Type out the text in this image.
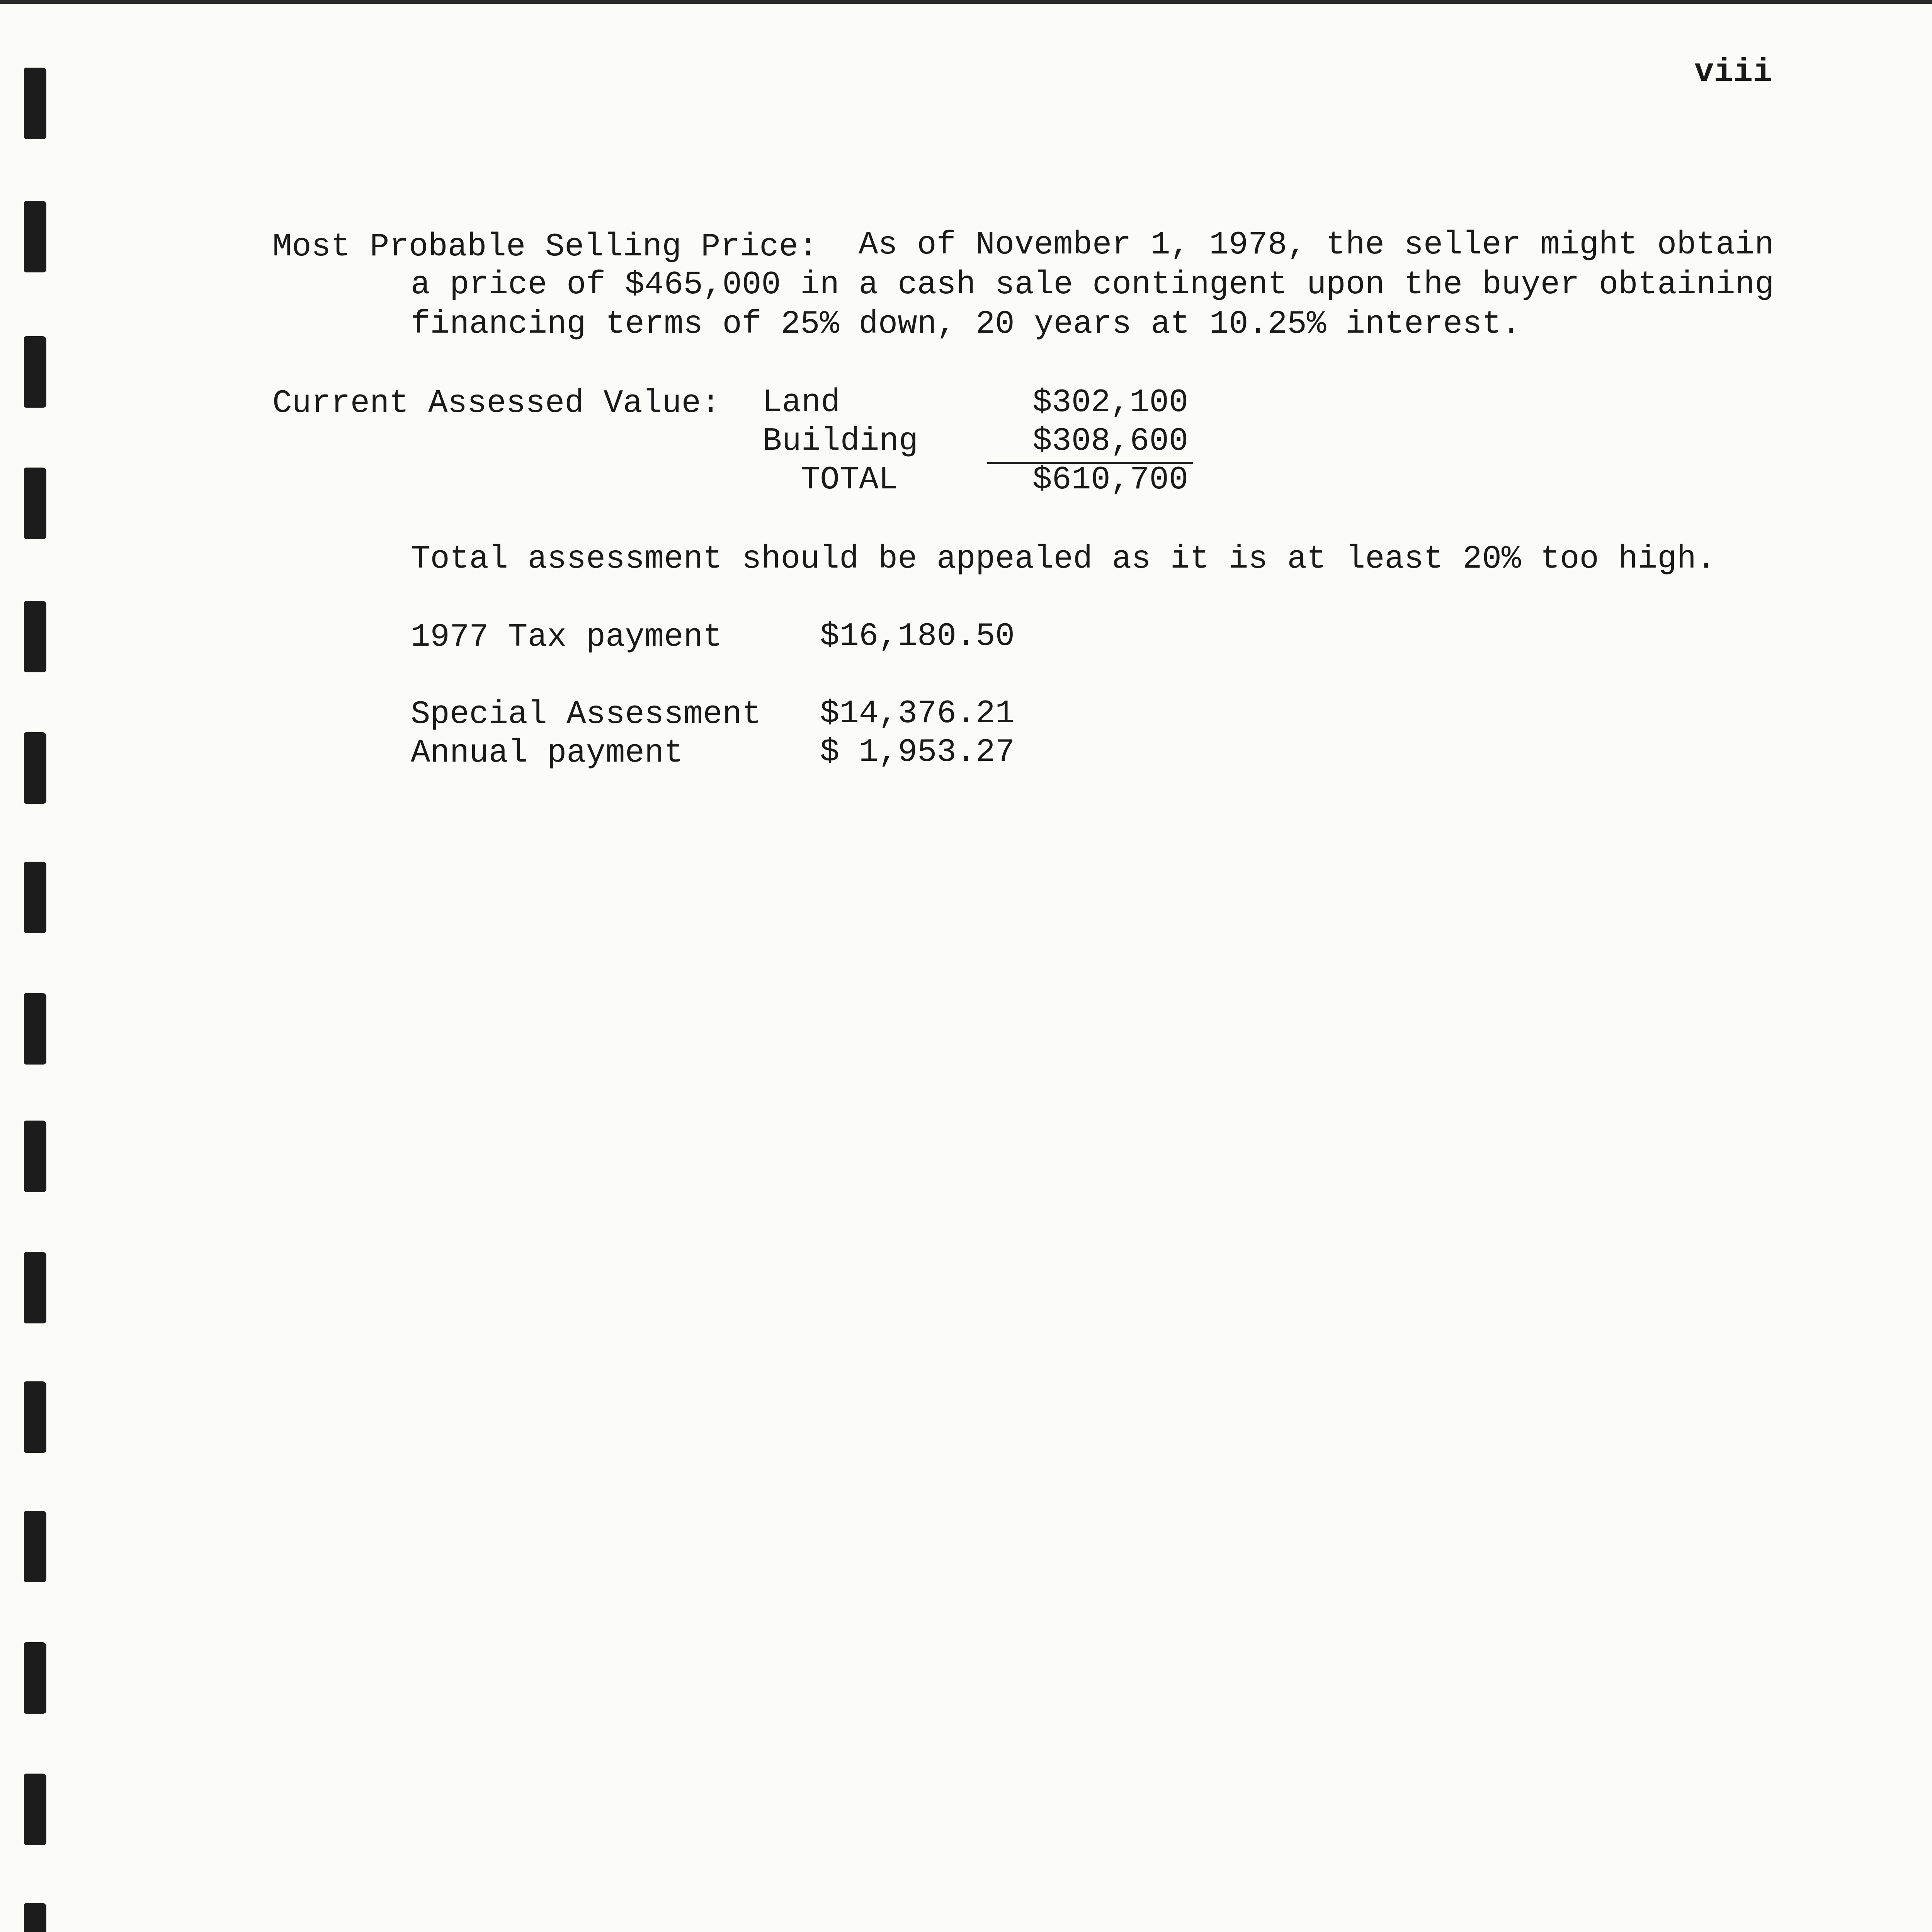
viii
Most Probable Selling Price: As of November 1, 1978, the seller might obtain
a price of $465,000 in a cash sale contingent upon the buyer obtaining
financing terms of 25% down, 20 years at 10.25% interest.
Current Assessed Value: Land	$302,100
Building	$308,600
TOTAL	$610,700
Total assessment should be appealed as it is at least 20% too high.
1977 Tax payment	$16,180.50
Special Assessment $14,376.21
Annual payment	$ 1,953.27
